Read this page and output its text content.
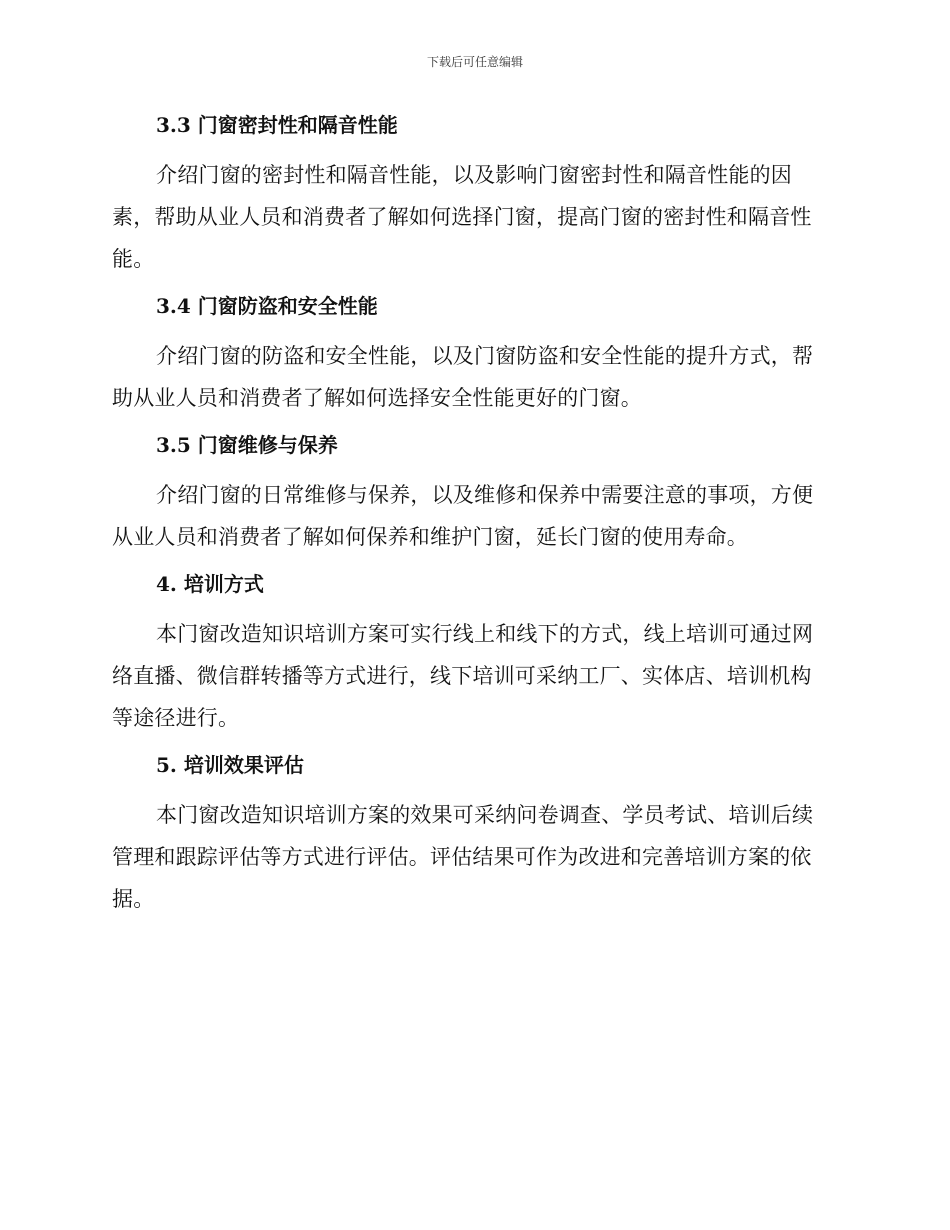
下载后可任意编辑
3.3 门窗密封性和隔音性能

介绍门窗的密封性和隔音性能，以及影响门窗密封性和隔音性能的因素，帮助从业人员和消费者了解如何选择门窗，提高门窗的密封性和隔音性能。

3.4 门窗防盗和安全性能

介绍门窗的防盗和安全性能，以及门窗防盗和安全性能的提升方式，帮助从业人员和消费者了解如何选择安全性能更好的门窗。

3.5 门窗维修与保养

介绍门窗的日常维修与保养，以及维修和保养中需要注意的事项，方便从业人员和消费者了解如何保养和维护门窗，延长门窗的使用寿命。

4. 培训方式

本门窗改造知识培训方案可实行线上和线下的方式，线上培训可通过网络直播、微信群转播等方式进行，线下培训可采纳工厂、实体店、培训机构等途径进行。

5. 培训效果评估

本门窗改造知识培训方案的效果可采纳问卷调查、学员考试、培训后续管理和跟踪评估等方式进行评估。评估结果可作为改进和完善培训方案的依据。
